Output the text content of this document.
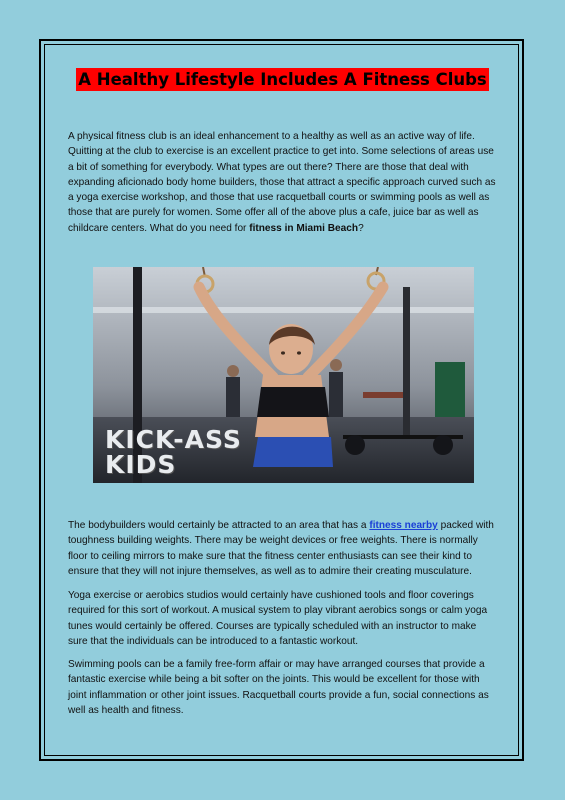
A Healthy Lifestyle Includes A Fitness Clubs

A physical fitness club is an ideal enhancement to a healthy as well as an active way of life. Quitting at the club to exercise is an excellent practice to get into. Some selections of areas use a bit of something for everybody. What types are out there? There are those that deal with expanding aficionado body home builders, those that attract a specific approach curved such as a yoga exercise workshop, and those that use racquetball courts or swimming pools as well as those that are purely for women. Some offer all of the above plus a cafe, juice bar as well as childcare centers. What do you need for fitness in Miami Beach?

KICK-ASS
KIDS

The bodybuilders would certainly be attracted to an area that has a fitness nearby packed with toughness building weights. There may be weight devices or free weights. There is normally floor to ceiling mirrors to make sure that the fitness center enthusiasts can see their kind to ensure that they will not injure themselves, as well as to admire their creating musculature.

Yoga exercise or aerobics studios would certainly have cushioned tools and floor coverings required for this sort of workout. A musical system to play vibrant aerobics songs or calm yoga tunes would certainly be offered. Courses are typically scheduled with an instructor to make sure that the individuals can be introduced to a fantastic workout.

Swimming pools can be a family free-form affair or may have arranged courses that provide a fantastic exercise while being a bit softer on the joints. This would be excellent for those with joint inflammation or other joint issues. Racquetball courts provide a fun, social connections as well as health and fitness.
